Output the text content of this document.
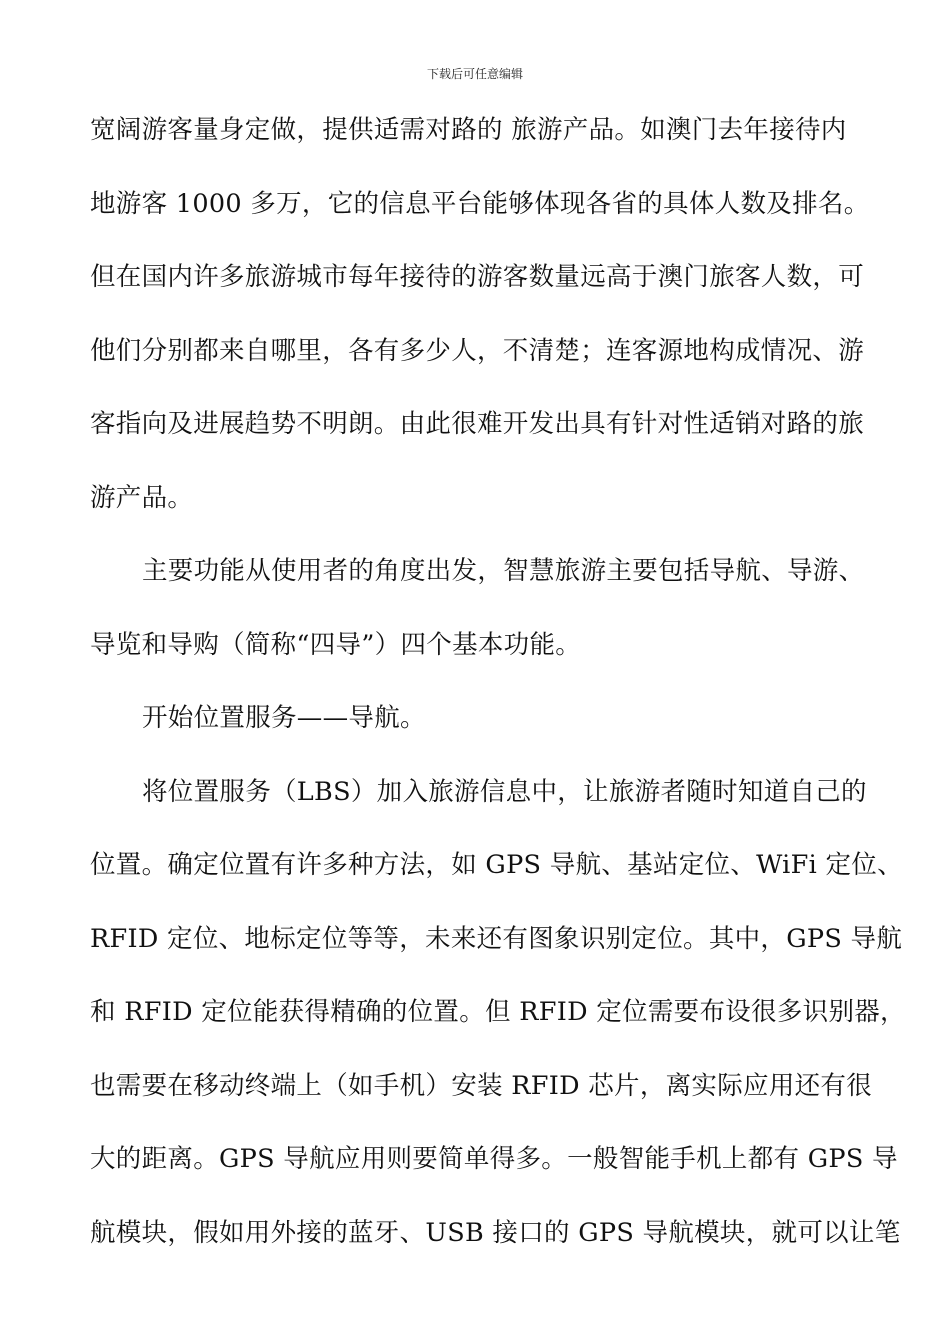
下载后可任意编辑
宽阔游客量身定做，提供适需对路的 旅游产品。如澳门去年接待内
地游客 1000 多万，它的信息平台能够体现各省的具体人数及排名。
但在国内许多旅游城市每年接待的游客数量远高于澳门旅客人数，可
他们分别都来自哪里，各有多少人，不清楚；连客源地构成情况、游
客指向及进展趋势不明朗。由此很难开发出具有针对性适销对路的旅
游产品。
主要功能从使用者的角度出发，智慧旅游主要包括导航、导游、
导览和导购（简称“四导”）四个基本功能。
开始位置服务——导航。
将位置服务（LBS）加入旅游信息中，让旅游者随时知道自己的
位置。确定位置有许多种方法，如 GPS 导航、基站定位、WiFi 定位、
RFID 定位、地标定位等等，未来还有图象识别定位。其中，GPS 导航
和 RFID 定位能获得精确的位置。但 RFID 定位需要布设很多识别器，
也需要在移动终端上（如手机）安装 RFID 芯片，离实际应用还有很
大的距离。GPS 导航应用则要简单得多。一般智能手机上都有 GPS 导
航模块，假如用外接的蓝牙、USB 接口的 GPS 导航模块，就可以让笔
